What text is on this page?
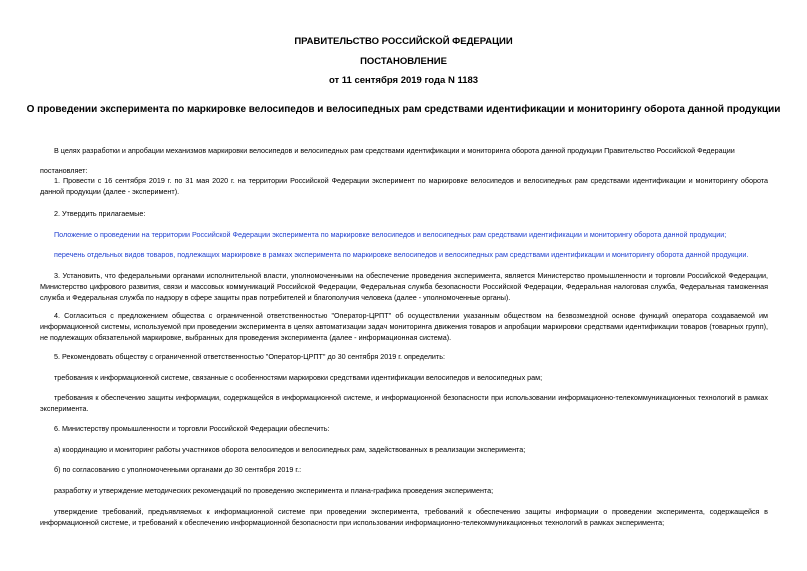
ПРАВИТЕЛЬСТВО РОССИЙСКОЙ ФЕДЕРАЦИИ
ПОСТАНОВЛЕНИЕ
от 11 сентября 2019 года N 1183
О проведении эксперимента по маркировке велосипедов и велосипедных рам средствами идентификации и мониторингу оборота данной продукции
В целях разработки и апробации механизмов маркировки велосипедов и велосипедных рам средствами идентификации и мониторинга оборота данной продукции Правительство Российской Федерации
постановляет:
1. Провести с 16 сентября 2019 г. по 31 мая 2020 г. на территории Российской Федерации эксперимент по маркировке велосипедов и велосипедных рам средствами идентификации и мониторингу оборота данной продукции (далее - эксперимент).
2. Утвердить прилагаемые:
Положение о проведении на территории Российской Федерации эксперимента по маркировке велосипедов и велосипедных рам средствами идентификации и мониторингу оборота данной продукции;
перечень отдельных видов товаров, подлежащих маркировке в рамках эксперимента по маркировке велосипедов и велосипедных рам средствами идентификации и мониторингу оборота данной продукции.
3. Установить, что федеральными органами исполнительной власти, уполномоченными на обеспечение проведения эксперимента, является Министерство промышленности и торговли Российской Федерации, Министерство цифрового развития, связи и массовых коммуникаций Российской Федерации, Федеральная служба безопасности Российской Федерации, Федеральная налоговая служба, Федеральная таможенная служба и Федеральная служба по надзору в сфере защиты прав потребителей и благополучия человека (далее - уполномоченные органы).
4. Согласиться с предложением общества с ограниченной ответственностью "Оператор-ЦРПТ" об осуществлении указанным обществом на безвозмездной основе функций оператора создаваемой им информационной системы, используемой при проведении эксперимента в целях автоматизации задач мониторинга движения товаров и апробации маркировки средствами идентификации товаров (товарных групп), не подлежащих обязательной маркировке, выбранных для проведения эксперимента (далее - информационная система).
5. Рекомендовать обществу с ограниченной ответственностью "Оператор-ЦРПТ" до 30 сентября 2019 г. определить:
требования к информационной системе, связанные с особенностями маркировки средствами идентификации велосипедов и велосипедных рам;
требования к обеспечению защиты информации, содержащейся в информационной системе, и информационной безопасности при использовании информационно-телекоммуникационных технологий в рамках эксперимента.
6. Министерству промышленности и торговли Российской Федерации обеспечить:
а) координацию и мониторинг работы участников оборота велосипедов и велосипедных рам, задействованных в реализации эксперимента;
б) по согласованию с уполномоченными органами до 30 сентября 2019 г.:
разработку и утверждение методических рекомендаций по проведению эксперимента и плана-графика проведения эксперимента;
утверждение требований, предъявляемых к информационной системе при проведении эксперимента, требований к обеспечению защиты информации о проведении эксперимента, содержащейся в информационной системе, и требований к обеспечению информационной безопасности при использовании информационно-телекоммуникационных технологий в рамках эксперимента;
